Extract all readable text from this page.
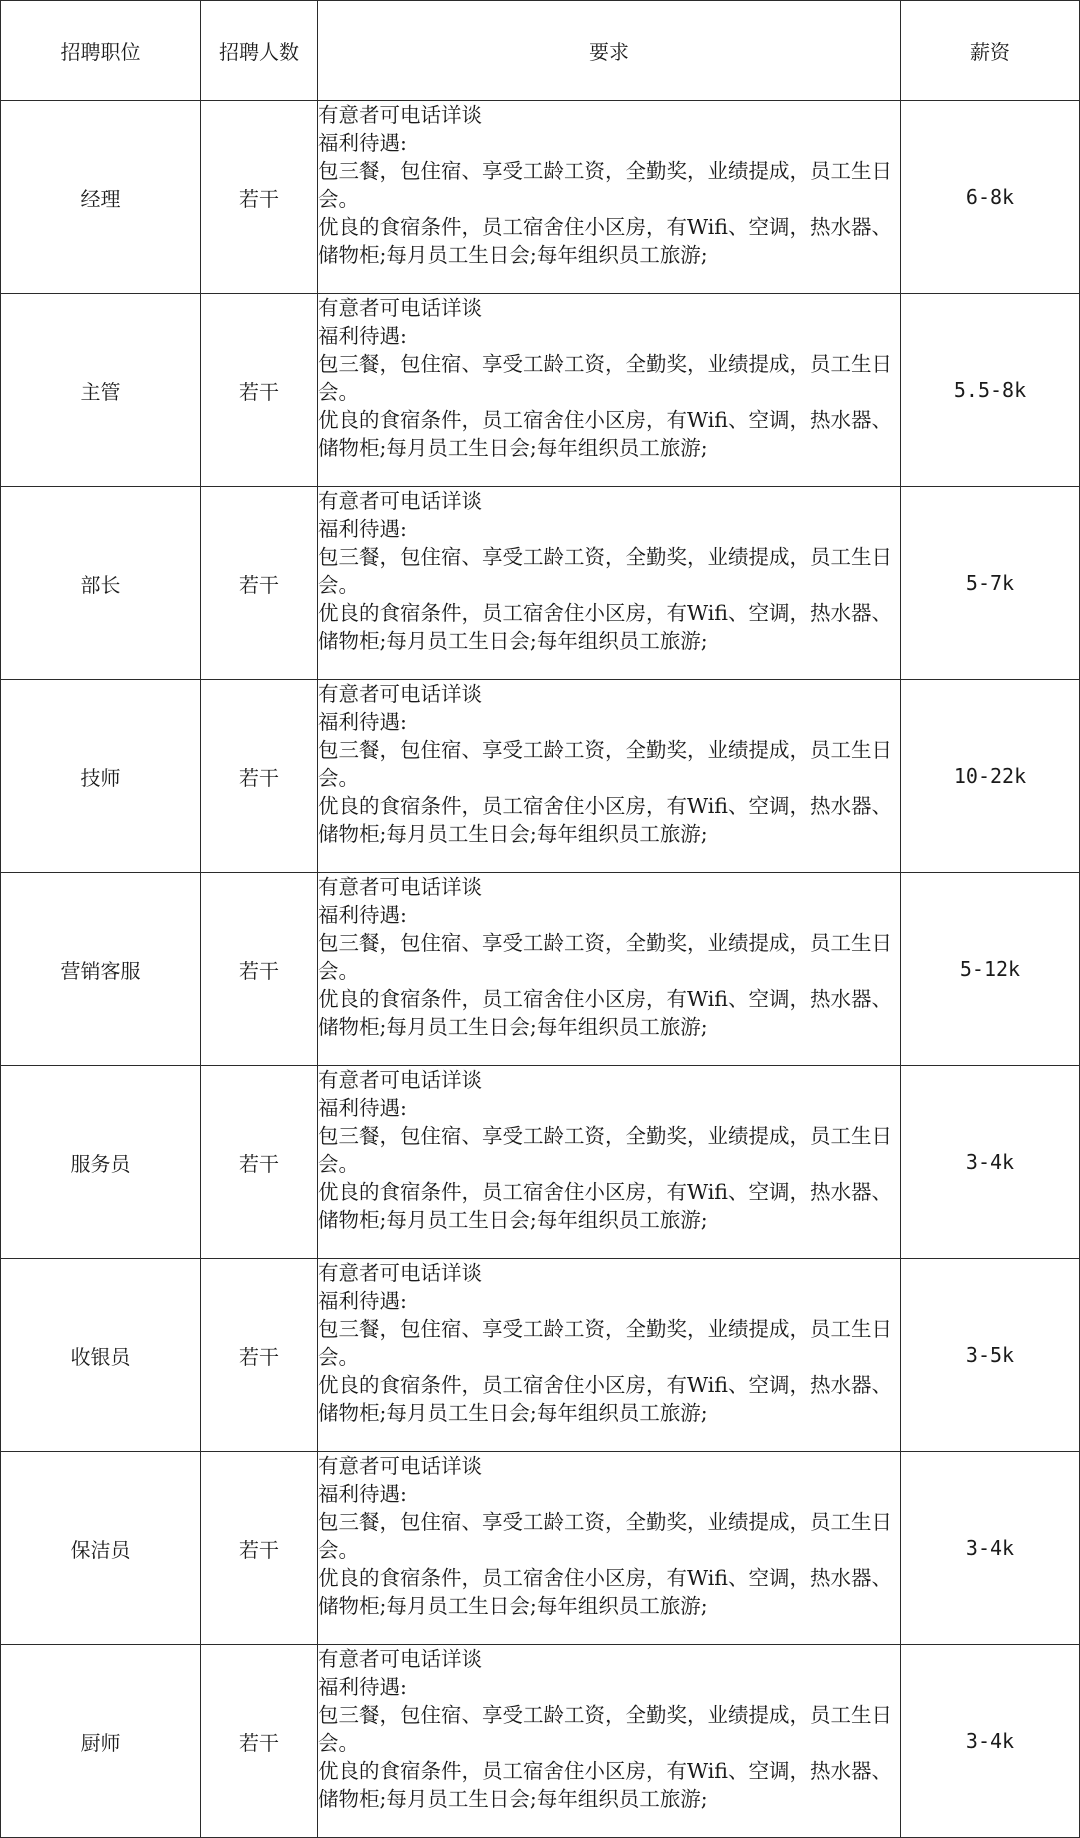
招聘职位	招聘人数	要求	薪资
经理	若干	有意者可电话详谈
福利待遇:
包三餐，包住宿、享受工龄工资，全勤奖，业绩提成，员工生日会。
优良的食宿条件，员工宿舍住小区房，有Wifi、空调，热水器、储物柜;每月员工生日会;每年组织员工旅游;	6-8k
主管	若干	有意者可电话详谈
福利待遇:
包三餐，包住宿、享受工龄工资，全勤奖，业绩提成，员工生日会。
优良的食宿条件，员工宿舍住小区房，有Wifi、空调，热水器、储物柜;每月员工生日会;每年组织员工旅游;	5.5-8k
部长	若干	有意者可电话详谈
福利待遇:
包三餐，包住宿、享受工龄工资，全勤奖，业绩提成，员工生日会。
优良的食宿条件，员工宿舍住小区房，有Wifi、空调，热水器、储物柜;每月员工生日会;每年组织员工旅游;	5-7k
技师	若干	有意者可电话详谈
福利待遇:
包三餐，包住宿、享受工龄工资，全勤奖，业绩提成，员工生日会。
优良的食宿条件，员工宿舍住小区房，有Wifi、空调，热水器、储物柜;每月员工生日会;每年组织员工旅游;	10-22k
营销客服	若干	有意者可电话详谈
福利待遇:
包三餐，包住宿、享受工龄工资，全勤奖，业绩提成，员工生日会。
优良的食宿条件，员工宿舍住小区房，有Wifi、空调，热水器、储物柜;每月员工生日会;每年组织员工旅游;	5-12k
服务员	若干	有意者可电话详谈
福利待遇:
包三餐，包住宿、享受工龄工资，全勤奖，业绩提成，员工生日会。
优良的食宿条件，员工宿舍住小区房，有Wifi、空调，热水器、储物柜;每月员工生日会;每年组织员工旅游;	3-4k
收银员	若干	有意者可电话详谈
福利待遇:
包三餐，包住宿、享受工龄工资，全勤奖，业绩提成，员工生日会。
优良的食宿条件，员工宿舍住小区房，有Wifi、空调，热水器、储物柜;每月员工生日会;每年组织员工旅游;	3-5k
保洁员	若干	有意者可电话详谈
福利待遇:
包三餐，包住宿、享受工龄工资，全勤奖，业绩提成，员工生日会。
优良的食宿条件，员工宿舍住小区房，有Wifi、空调，热水器、储物柜;每月员工生日会;每年组织员工旅游;	3-4k
厨师	若干	有意者可电话详谈
福利待遇:
包三餐，包住宿、享受工龄工资，全勤奖，业绩提成，员工生日会。
优良的食宿条件，员工宿舍住小区房，有Wifi、空调，热水器、储物柜;每月员工生日会;每年组织员工旅游;	3-4k
